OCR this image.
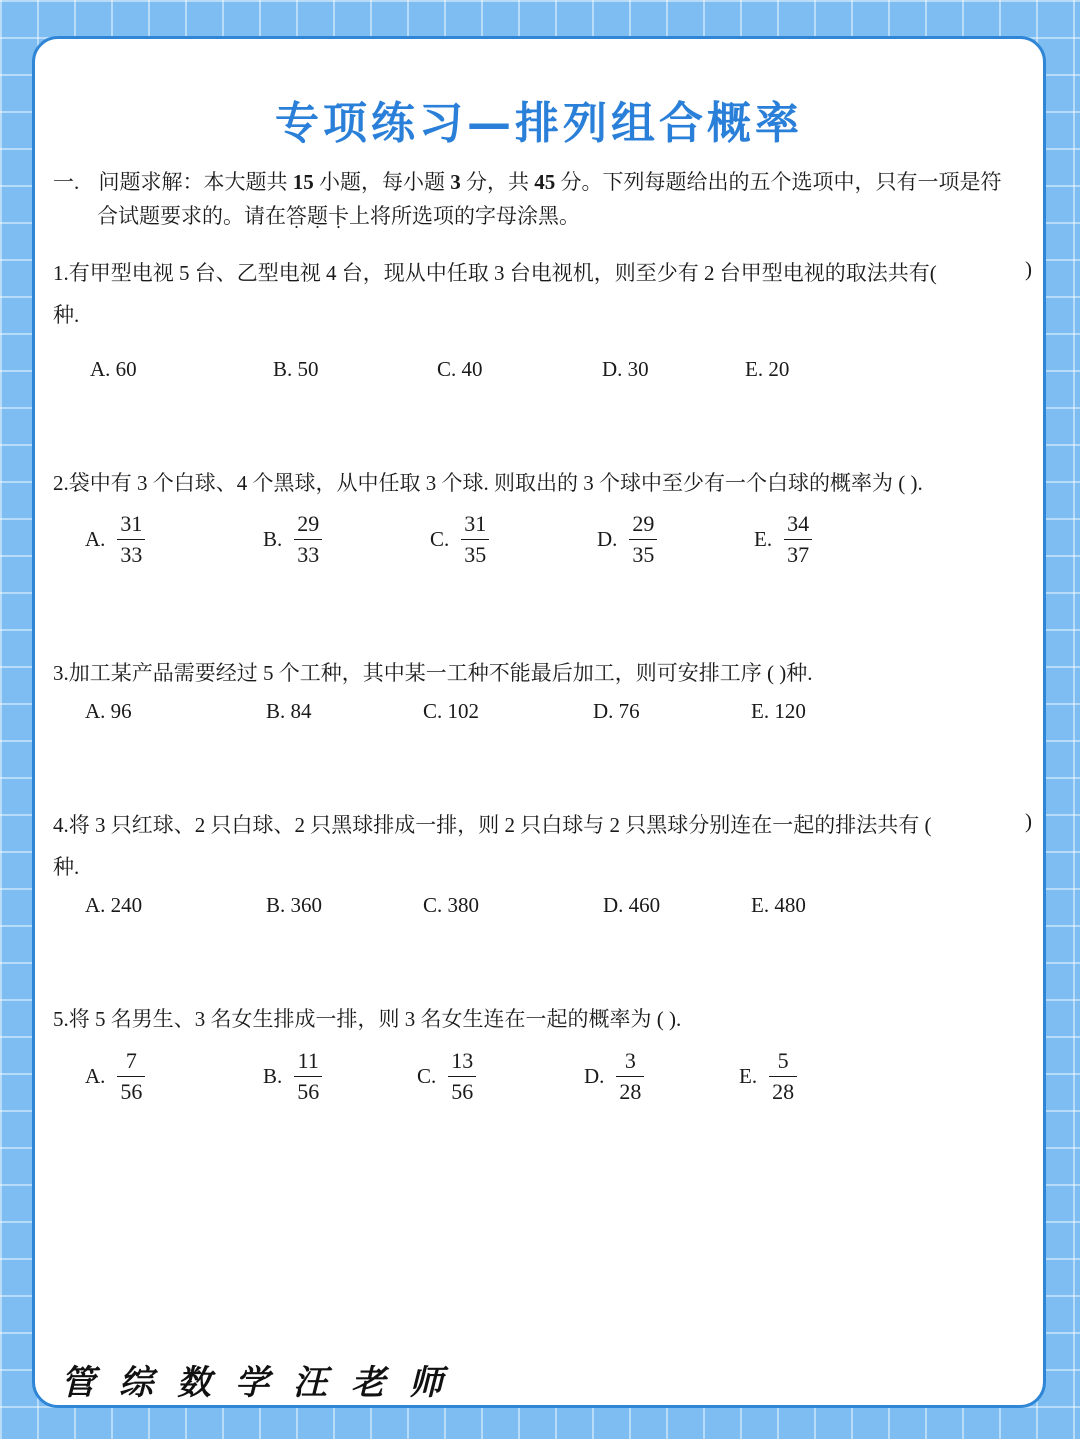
专项练习—排列组合概率
一. 问题求解：本大题共 15 小题，每小题 3 分，共 45 分。下列每题给出的五个选项中，只有一项是符
合试题要求的。请在答题卡上将所选项的字母涂黑。
1.有甲型电视 5 台、乙型电视 4 台，现从中任取 3 台电视机，则至少有 2 台甲型电视的取法共有(	)
种.
A. 60	B. 50	C. 40	D. 30	E. 20
2.袋中有 3 个白球、4 个黑球，从中任取 3 个球. 则取出的 3 个球中至少有一个白球的概率为 ( ).
A. $\frac{31}{33}$	B. $\frac{29}{33}$	C. $\frac{31}{35}$	D. $\frac{29}{35}$	E. $\frac{34}{37}$
3.加工某产品需要经过 5 个工种，其中某一工种不能最后加工，则可安排工序 ( )种.
A. 96	B. 84	C. 102	D. 76	E. 120
4.将 3 只红球、2 只白球、2 只黑球排成一排，则 2 只白球与 2 只黑球分别连在一起的排法共有 (	)
种.
A. 240	B. 360	C. 380	D. 460	E. 480
5.将 5 名男生、3 名女生排成一排，则 3 名女生连在一起的概率为 ( ).
A. $\frac{7}{56}$	B. $\frac{11}{56}$	C. $\frac{13}{56}$	D. $\frac{3}{28}$	E. $\frac{5}{28}$
管综数学汪老师
